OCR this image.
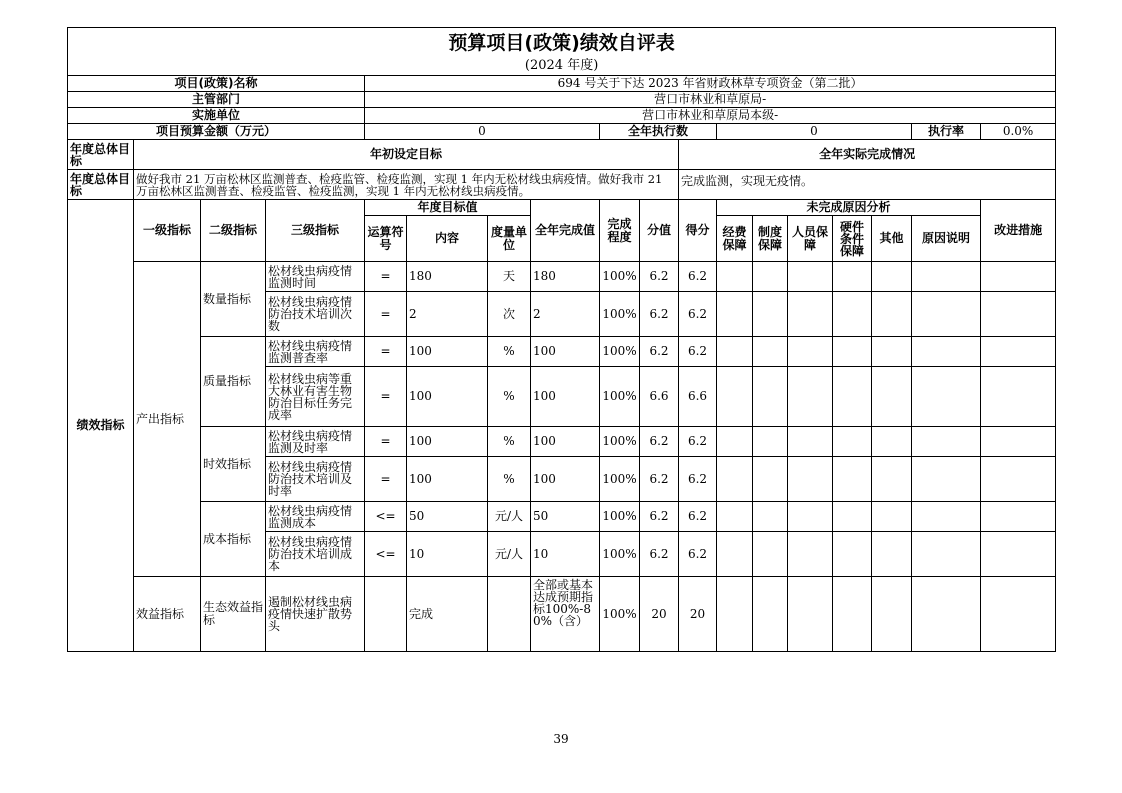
预算项目(政策)绩效自评表																	
(2024 年度)																	
项目(政策)名称				694 号关于下达 2023 年省财政林草专项资金（第二批）													
主管部门				营口市林业和草原局-													
实施单位				营口市林业和草原局本级-													
项目预算金额（万元）				0				全年执行数			0					执行率	0.0%
年度总体目标	年初设定目标									全年实际完成情况							
年度总体目标	做好我市 21 万亩松林区监测普查、检疫监管、检疫监测，实现 1 年内无松材线虫病疫情。做好我市 21 万亩松林区监测普查、检疫监管、检疫监测，实现 1 年内无松材线虫病疫情。									完成监测，实现无疫情。							
绩效指标	一级指标	二级指标	三级指标	年度目标值			全年完成值	完成程度	分值	得分	未完成原因分析						改进措施
				运算符号	内容	度量单位					经费保障	制度保障	人员保障	硬件条件保障	其他	原因说明	

	产出指标	数量指标	松材线虫病疫情监测时间	=	180	天	180	100%	6.2	6.2							
			松材线虫病疫情防治技术培训次数	=	2	次	2	100%	6.2	6.2							
		质量指标	松材线虫病疫情监测普查率	=	100	%	100	100%	6.2	6.2							
			松材线虫病等重大林业有害生物防治目标任务完成率	=	100	%	100	100%	6.6	6.6							
		时效指标	松材线虫病疫情监测及时率	=	100	%	100	100%	6.2	6.2							
			松材线虫病疫情防治技术培训及时率	=	100	%	100	100%	6.2	6.2							
		成本指标	松材线虫病疫情监测成本	<=	50	元/人	50	100%	6.2	6.2							
			松材线虫病疫情防治技术培训成本	<=	10	元/人	10	100%	6.2	6.2							
	效益指标	生态效益指标	遏制松材线虫病疫情快速扩散势头		完成		全部或基本达成预期指标100%-80%（含）	100%	20	20							
39
